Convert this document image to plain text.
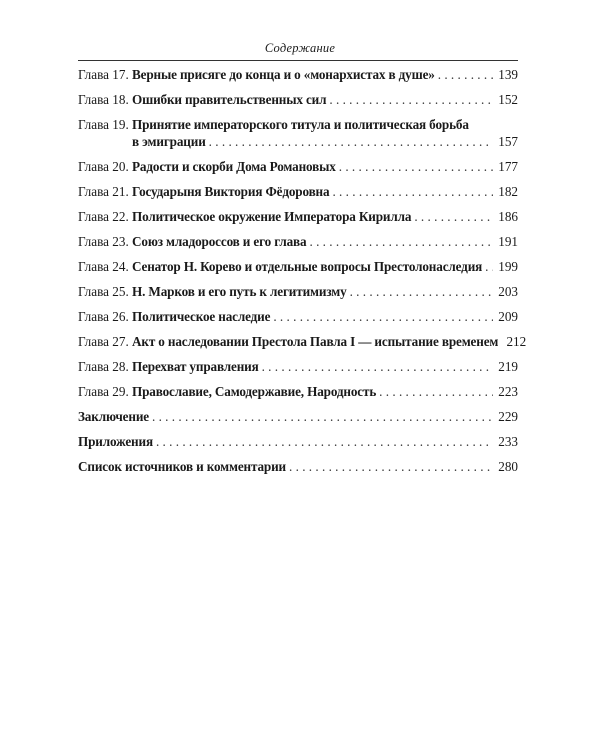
Содержание
Глава 17. Верные присяге до конца и о «монархистах в душе» . . .	139
Глава 18. Ошибки правительственных сил . . .	152
Глава 19. Принятие императорского титула и политическая борьба
в эмиграции . . .	157
Глава 20. Радости и скорби Дома Романовых . . .	177
Глава 21. Государыня Виктория Фёдоровна . . .	182
Глава 22. Политическое окружение Императора Кирилла . . .	186
Глава 23. Союз младороссов и его глава . . .	191
Глава 24. Сенатор Н. Корево и отдельные вопросы Престолонаследия . . . 199
Глава 25. Н. Марков и его путь к легитимизму . . .	203
Глава 26. Политическое наследие . . .	209
Глава 27. Акт о наследовании Престола Павла I — испытание временем 212
Глава 28. Перехват управления . . .	219
Глава 29. Православие, Самодержавие, Народность . . .	223
Заключение . . .	229
Приложения . . .	233
Список источников и комментарии . . .	280
